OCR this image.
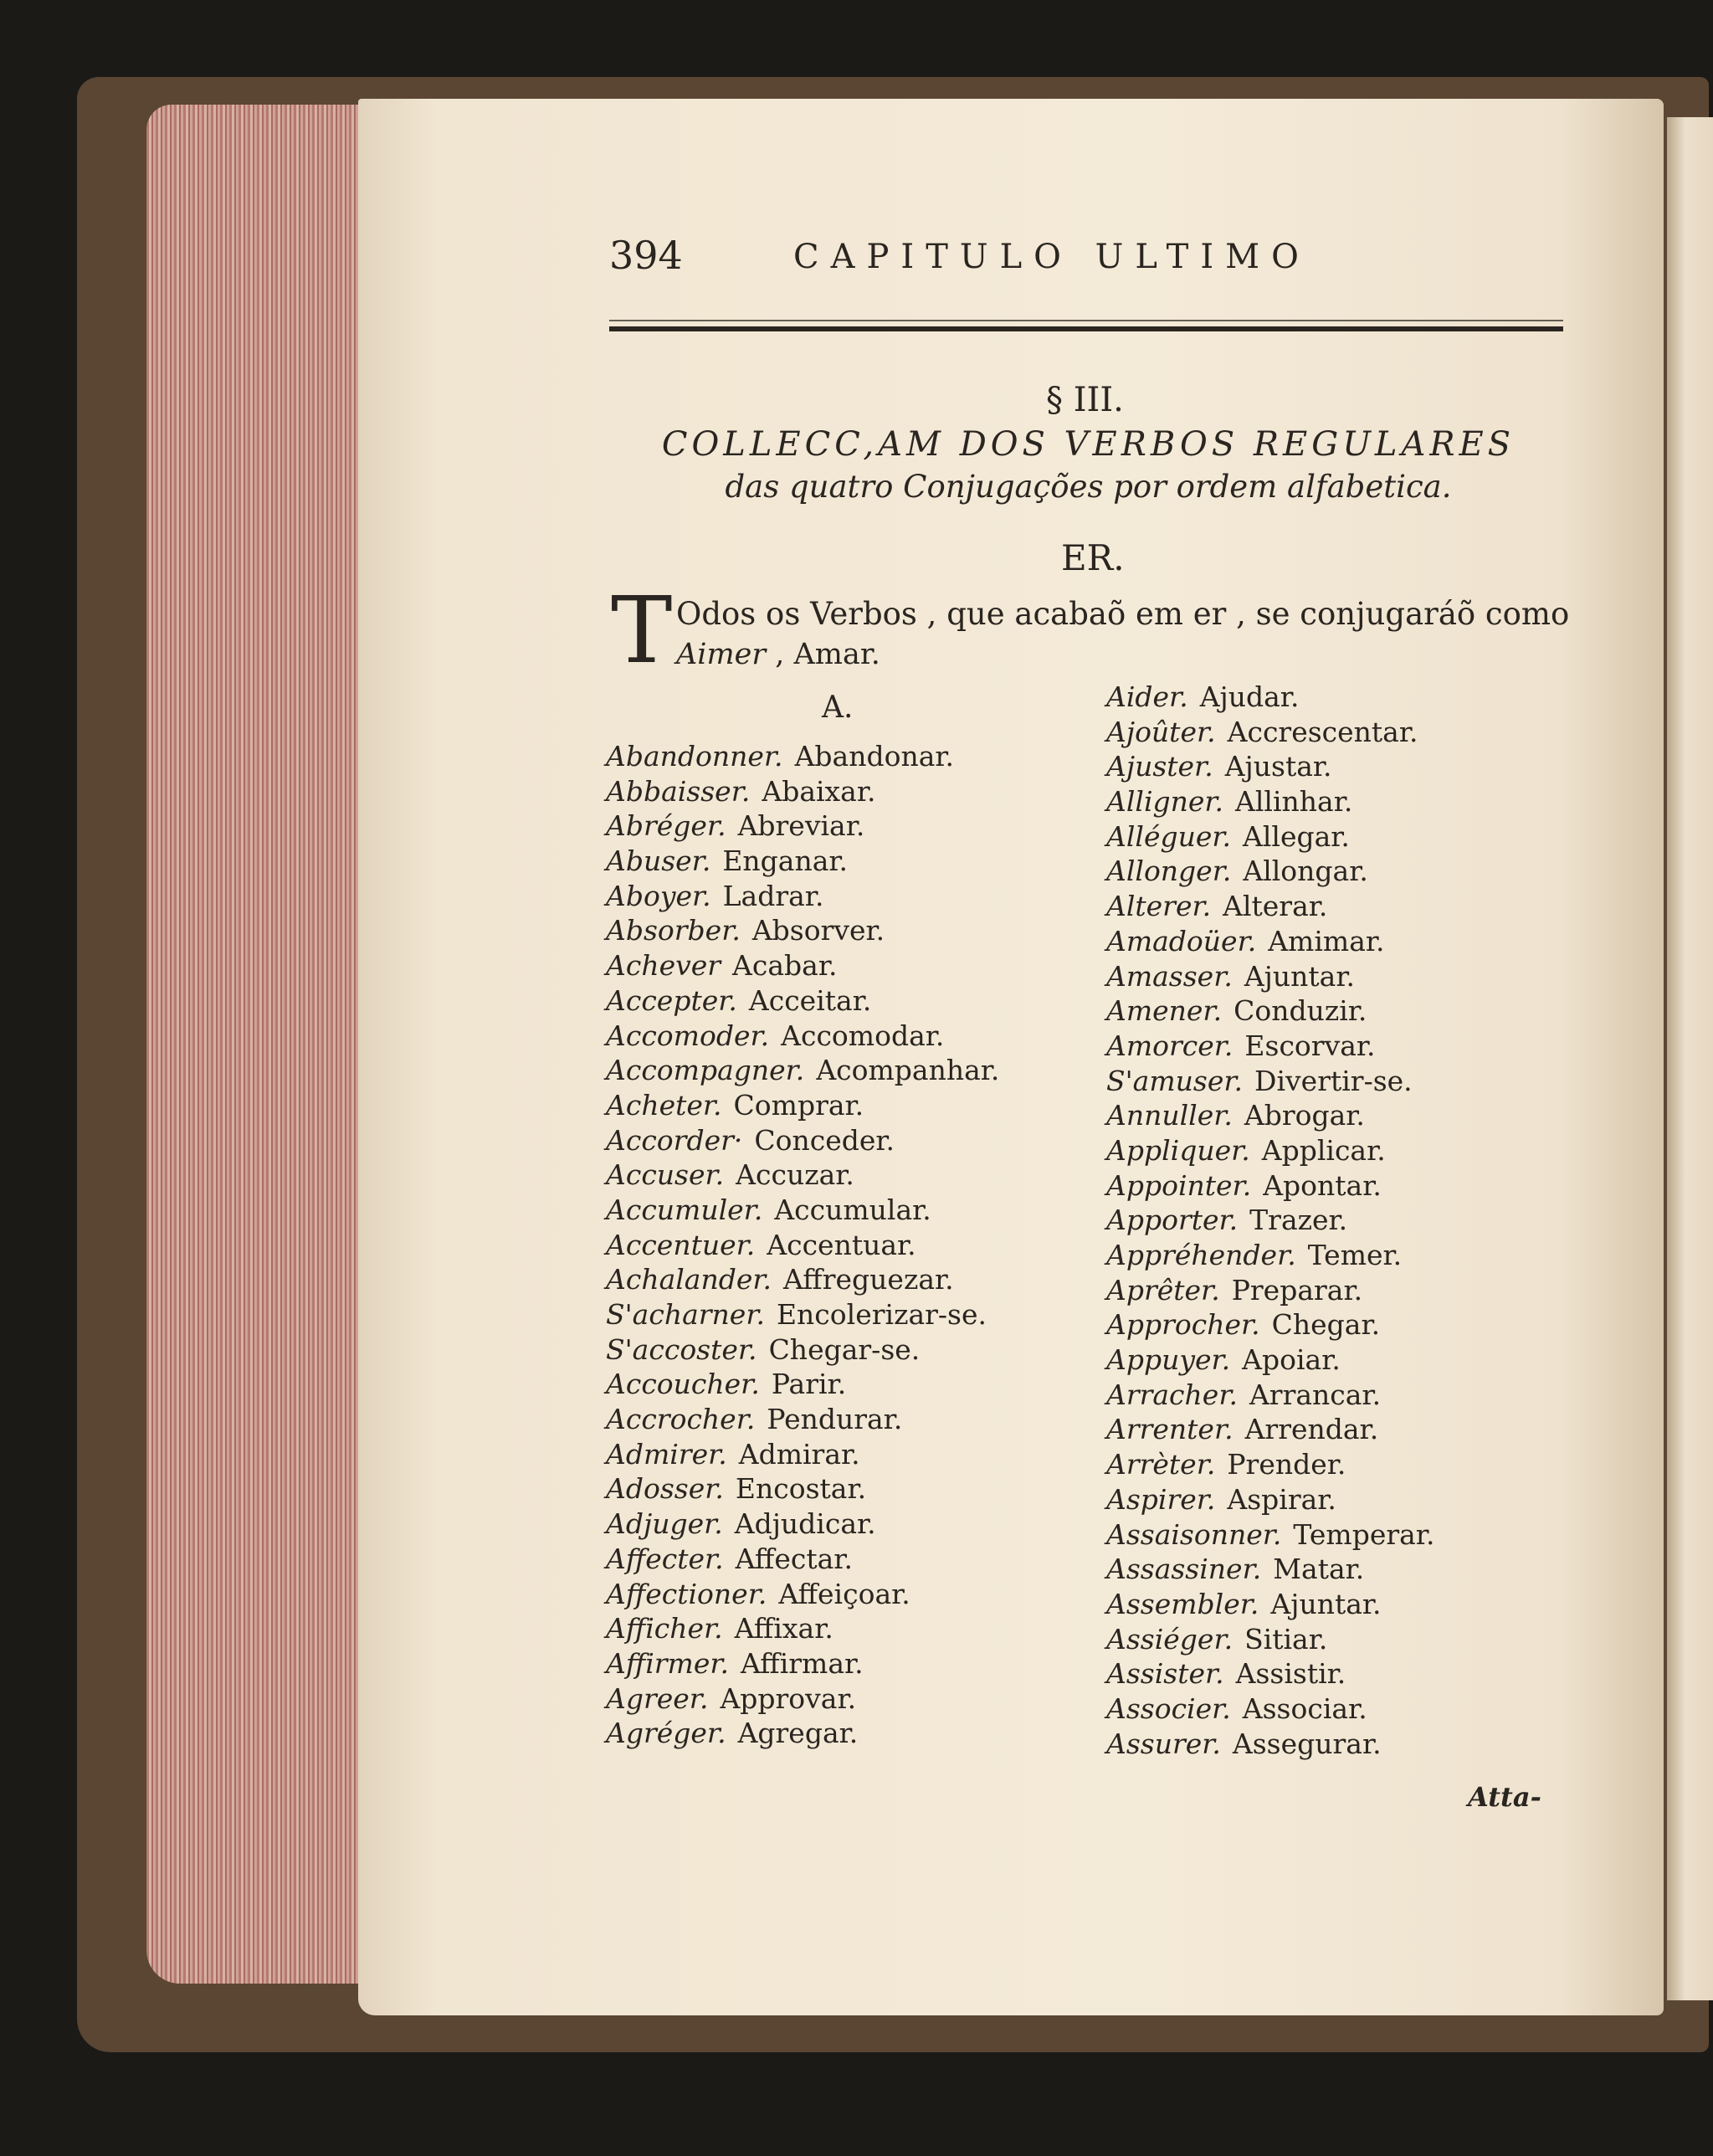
394	CAPITULO ULTIMO
§ III.
COLLECC,AM DOS VERBOS REGULARES
das quatro Conjugações por ordem alfabetica.
ER.
T Odos os Verbos , que acabaõ em er , se conjugaráõ como
Aimer , Amar.
A.
Abandonner. Abandonar.
Abbaisser. Abaixar.
Abréger. Abreviar.
Abuser. Enganar.
Aboyer. Ladrar.
Absorber. Absorver.
Achever Acabar.
Accepter. Acceitar.
Accomoder. Accomodar.
Accompagner. Acompanhar.
Acheter. Comprar.
Accorder· Conceder.
Accuser. Accuzar.
Accumuler. Accumular.
Accentuer. Accentuar.
Achalander. Affreguezar.
S'acharner. Encolerizar-se.
S'accoster. Chegar-se.
Accoucher. Parir.
Accrocher. Pendurar.
Admirer. Admirar.
Adosser. Encostar.
Adjuger. Adjudicar.
Affecter. Affectar.
Affectioner. Affeiçoar.
Afficher. Affixar.
Affirmer. Affirmar.
Agreer. Approvar.
Agréger. Agregar.
Aider. Ajudar.
Ajoûter. Accrescentar.
Ajuster. Ajustar.
Alligner. Allinhar.
Alléguer. Allegar.
Allonger. Allongar.
Alterer. Alterar.
Amadoüer. Amimar.
Amasser. Ajuntar.
Amener. Conduzir.
Amorcer. Escorvar.
S'amuser. Divertir-se.
Annuller. Abrogar.
Appliquer. Applicar.
Appointer. Apontar.
Apporter. Trazer.
Appréhender. Temer.
Aprêter. Preparar.
Approcher. Chegar.
Appuyer. Apoiar.
Arracher. Arrancar.
Arrenter. Arrendar.
Arrèter. Prender.
Aspirer. Aspirar.
Assaisonner. Temperar.
Assassiner. Matar.
Assembler. Ajuntar.
Assiéger. Sitiar.
Assister. Assistir.
Associer. Associar.
Assurer. Assegurar.
Atta-
